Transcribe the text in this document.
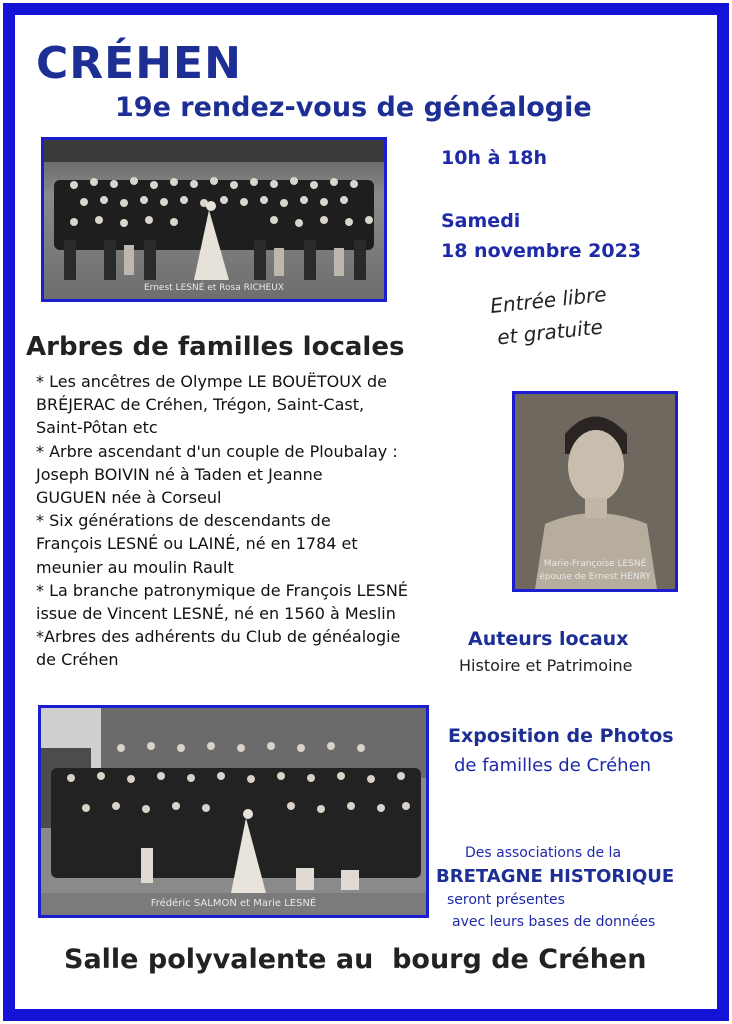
CRÉHEN
19e rendez-vous de généalogie
Ernest LESNÉ et Rosa RICHEUX
10h à 18h
Samedi
18 novembre 2023
Entrée libre
et gratuite
Arbres de familles locales
* Les ancêtres de Olympe LE BOUËTOUX de
BRÉJERAC de Créhen, Trégon, Saint-Cast,
Saint-Pôtan etc
* Arbre ascendant d'un couple de Ploubalay :
Joseph BOIVIN né à Taden et Jeanne
GUGUEN née à Corseul
* Six générations de descendants de
François LESNÉ ou LAINÉ, né en 1784 et
meunier au moulin Rault
* La branche patronymique de François LESNÉ
issue de Vincent LESNÉ, né en 1560 à Meslin
*Arbres des adhérents du Club de généalogie
de Créhen
Marie-Françoise LESNÉ
épouse de Ernest HENRY
Auteurs locaux
Histoire et Patrimoine
Frédéric SALMON et Marie LESNÉ
Exposition de Photos
de familles de Créhen
Des associations de la
BRETAGNE HISTORIQUE
seront présentes
avec leurs bases de données
Salle polyvalente au  bourg de Créhen
